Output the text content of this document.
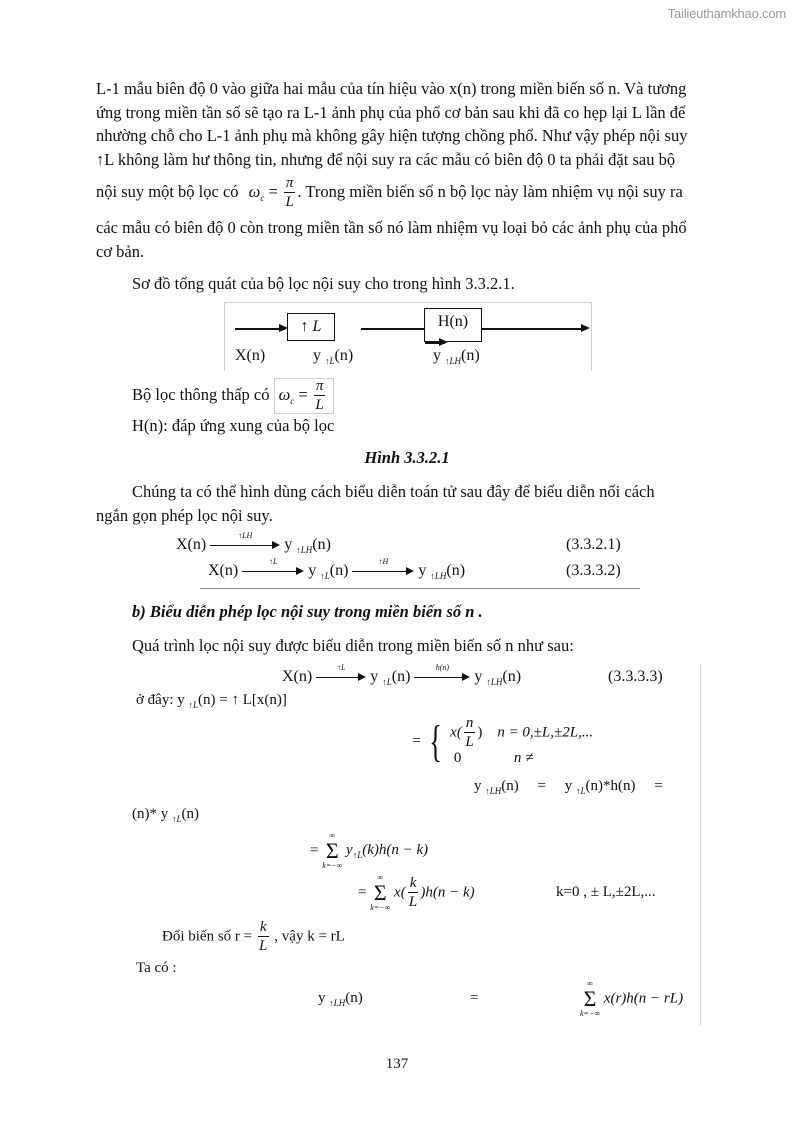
Tailieuthamkhao.com
L-1 mẫu biên độ 0 vào giữa hai mẫu của tín hiệu vào x(n) trong miền biến số n. Và tương
ứng trong miền tần số sẽ tạo ra L-1 ảnh phụ của phổ cơ bản sau khi đã co hẹp lại L lần để
nhường chỗ cho L-1 ảnh phụ mà không gây hiện tượng chồng phổ. Như vậy phép nội suy
↑L không làm hư thông tin, nhưng để nội suy ra các mẫu có biên độ 0 ta phải đặt sau bộ
nội suy một bộ lọc có $\omega_c = \frac{\pi}{L}$ . Trong miền biến số n bộ lọc này làm nhiệm vụ nội suy ra
các mẫu có biên độ 0 còn trong miền tần số nó làm nhiệm vụ loại bỏ các ảnh phụ của phổ
cơ bản.
Sơ đồ tổng quát của bộ lọc nội suy cho trong hình 3.3.2.1.
↑ L	H(n)
X(n)	y $_{↑L}$(n)	y $_{↑LH}$(n)
Bộ lọc thông thấp có $\omega_c = \frac{\pi}{L}$
H(n): đáp ứng xung của bộ lọc
Hình 3.3.2.1
Chúng ta có thể hình dùng cách biểu diễn toán tử sau đây để biểu diễn nối cách
ngắn gọn phép lọc nội suy.
X(n)
↑LH
y $_{↑LH}$(n)	(3.3.2.1)
X(n)
↑L
y $_{↑L}$(n)
↑H
y $_{↑LH}$(n)	(3.3.3.2)
b) Biểu diễn phép lọc nội suy trong miền biến số n .
Quá trình lọc nội suy được biểu diễn trong miền biến số n như sau:
X(n)
↑L
y $_{↑L}$(n)
h(n)
y $_{↑LH}$(n)	(3.3.3.3)
ở đây: y $_{↑L}$(n) = ↑ L[x(n)]
= { $x( \frac{n}{L}$ ) n = 0,±L,±2L,...
0	n ≠
y $_{↑LH}$(n) = y $_{↑L}$(n)*h(n) =
(n)* y $_{↑L}$(n)
=
∞
Σ
k=−∞
$y_{↑L}(k)h(n - k)$
=
∞
Σ
k=−∞
$x( \frac{k}{L} )h(n - k)$	k=0 , ± L,±2L,...
Đổi biến số $r = \frac{k}{L}$ , vậy k = rL
Ta có :
y $_{↑LH}$(n)	=
∞
Σ
k=−∞
x(r)h(n − rL)
137
